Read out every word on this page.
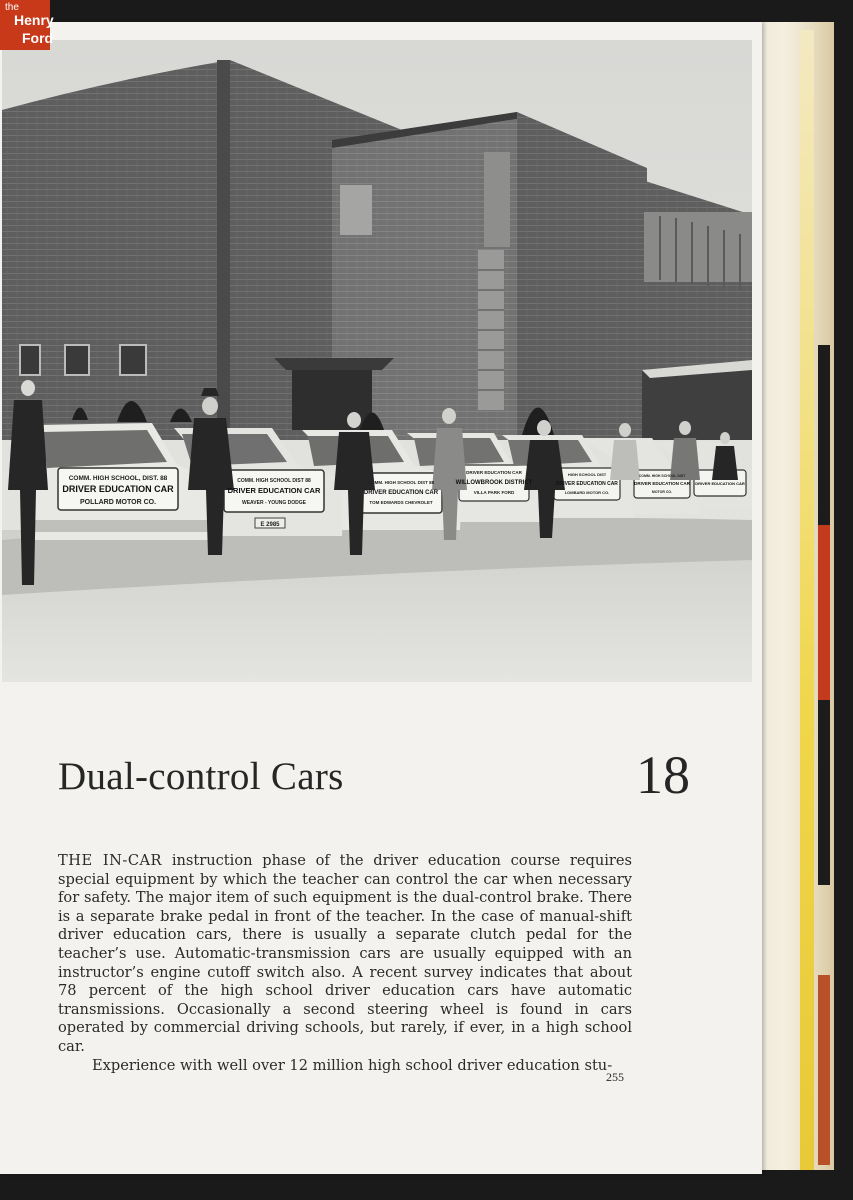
the
Henry
Ford
COMM. HIGH SCHOOL, DIST. 88
DRIVER EDUCATION CAR
POLLARD MOTOR CO.
COMM. HIGH SCHOOL DIST 88
DRIVER EDUCATION CAR
WEAVER - YOUNG DODGE
E 2985
COMM. HIGH SCHOOL DIST 88
DRIVER EDUCATION CAR
TOM EDWARDS CHEVROLET
DRIVER EDUCATION CAR
WILLOWBROOK DISTRICT
VILLA PARK FORD
HIGH SCHOOL DIST
DRIVER EDUCATION CAR
LOMBARD MOTOR CO.
COMM. HIGH SCHOOL DIST
DRIVER EDUCATION CAR
MOTOR CO.
DRIVER EDUCATION CAR
Dual-control Cars	18

THE IN-CAR instruction phase of the driver education course requires special equipment by which the teacher can control the car when necessary for safety. The major item of such equipment is the dual-control brake. There is a separate brake pedal in front of the teacher. In the case of manual-shift driver education cars, there is usually a separate clutch pedal for the teacher’s use. Automatic-transmission cars are usually equipped with an instructor’s engine cutoff switch also. A recent survey indicates that about 78 percent of the high school driver education cars have automatic transmissions. Occasionally a second steering wheel is found in cars operated by commercial driving schools, but rarely, if ever, in a high school car.

Experience with well over 12 million high school driver education stu-

255
